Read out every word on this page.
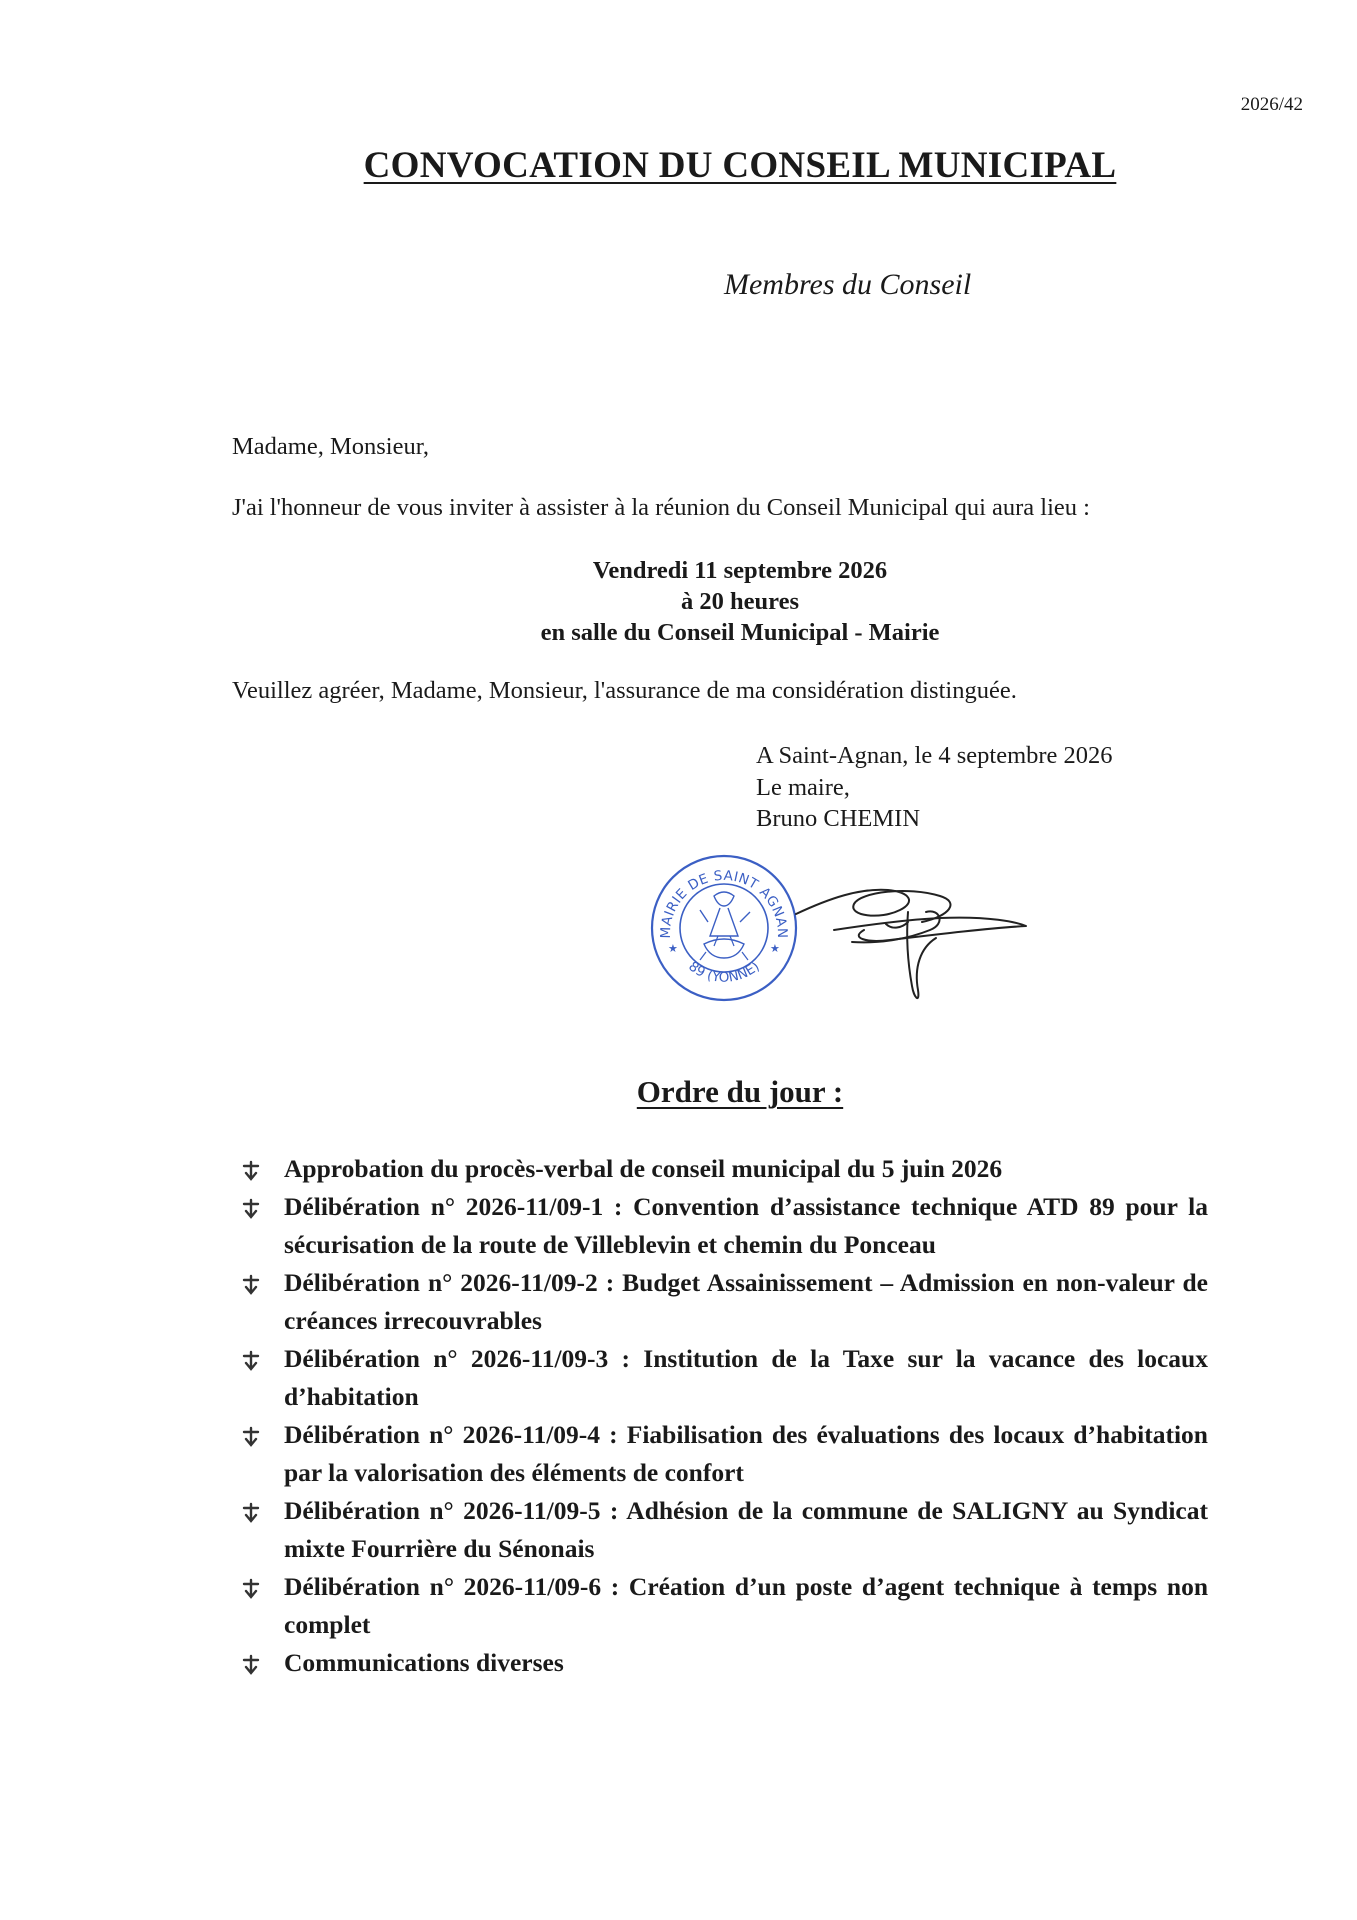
2026/42
CONVOCATION DU CONSEIL MUNICIPAL
Membres du Conseil
Madame, Monsieur,
J'ai l'honneur de vous inviter à assister à la réunion du Conseil Municipal qui aura lieu :
Vendredi 11 septembre 2026
à 20 heures
en salle du Conseil Municipal - Mairie
Veuillez agréer, Madame, Monsieur, l'assurance de ma considération distinguée.
A Saint-Agnan, le 4 septembre 2026
Le maire,
Bruno CHEMIN
MAIRIE DE SAINT AGNAN
89 (YONNE)
★	★
Ordre du jour :
Approbation du procès-verbal de conseil municipal du 5 juin 2026
Délibération n° 2026-11/09-1 : Convention d’assistance technique ATD 89 pour la sécurisation de la route de Villeblevin et chemin du Ponceau
Délibération n° 2026-11/09-2 : Budget Assainissement – Admission en non-valeur de créances irrecouvrables
Délibération n° 2026-11/09-3 : Institution de la Taxe sur la vacance des locaux d’habitation
Délibération n° 2026-11/09-4 : Fiabilisation des évaluations des locaux d’habitation par la valorisation des éléments de confort
Délibération n° 2026-11/09-5 : Adhésion de la commune de SALIGNY au Syndicat mixte Fourrière du Sénonais
Délibération n° 2026-11/09-6 : Création d’un poste d’agent technique à temps non complet
Communications diverses
